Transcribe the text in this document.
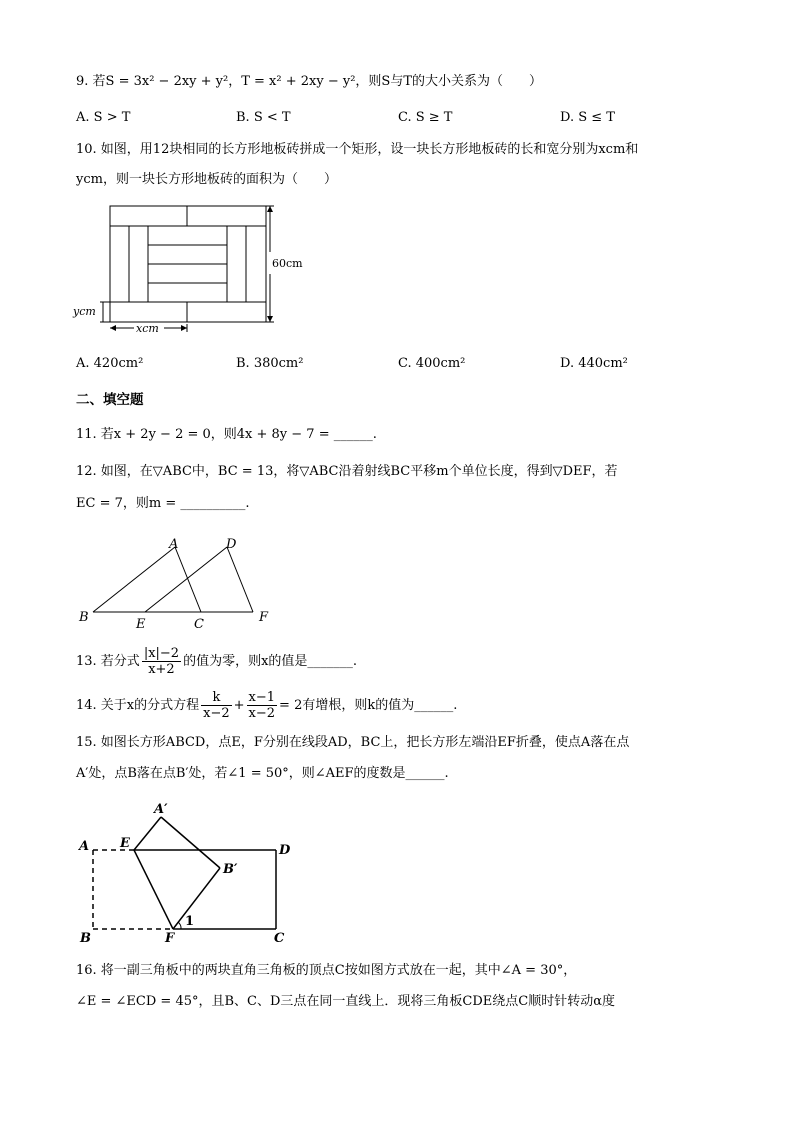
9. 若S = 3x² − 2xy + y²，T = x² + 2xy − y²，则S与T的大小关系为（　　）
A. S > T	B. S < T	C. S ≥ T	D. S ≤ T
10. 如图，用12块相同的长方形地板砖拼成一个矩形，设一块长方形地板砖的长和宽分别为xcm和
ycm，则一块长方形地板砖的面积为（　　）
60cm
ycm
xcm
A. 420cm²	B. 380cm²	C. 400cm²	D. 440cm²
二、填空题
11. 若x + 2y − 2 = 0，则4x + 8y − 7 = ______.
12. 如图，在▽ABC中，BC = 13，将▽ABC沿着射线BC平移m个单位长度，得到▽DEF，若
EC = 7，则m = __________.
A	D
B	E	C	F
13. 若分式 $\frac{|x|-2}{x+2}$ 的值为零，则x的值是_______.
14. 关于x的分式方程 $\frac{k}{x-2} + \frac{x-1}{x-2} = 2$有增根，则k的值为______.
15. 如图长方形ABCD，点E，F分别在线段AD，BC上，把长方形左端沿EF折叠，使点A落在点
A′处，点B落在点B′处，若∠1 = 50°，则∠AEF的度数是______.
A′
A E	D
B′
1
B	F	C
16. 将一副三角板中的两块直角三角板的顶点C按如图方式放在一起，其中∠A = 30°，
∠E = ∠ECD = 45°，且B、C、D三点在同一直线上．现将三角板CDE绕点C顺时针转动α度
